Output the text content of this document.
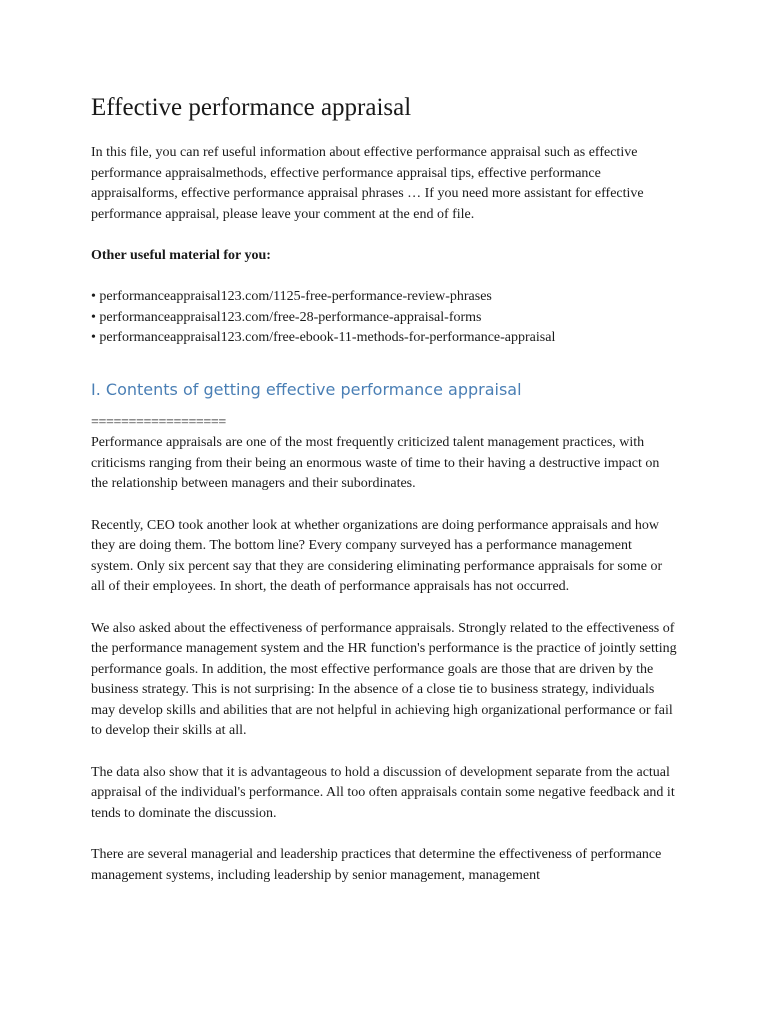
Effective performance appraisal

In this file, you can ref useful information about effective performance appraisal such as effective performance appraisalmethods, effective performance appraisal tips, effective performance appraisalforms, effective performance appraisal phrases … If you need more assistant for effective performance appraisal, please leave your comment at the end of file.

Other useful material for you:

• performanceappraisal123.com/1125-free-performance-review-phrases
• performanceappraisal123.com/free-28-performance-appraisal-forms
• performanceappraisal123.com/free-ebook-11-methods-for-performance-appraisal
I. Contents of getting effective performance appraisal

==================

Performance appraisals are one of the most frequently criticized talent management practices, with criticisms ranging from their being an enormous waste of time to their having a destructive impact on the relationship between managers and their subordinates.

Recently, CEO took another look at whether organizations are doing performance appraisals and how they are doing them. The bottom line? Every company surveyed has a performance management system. Only six percent say that they are considering eliminating performance appraisals for some or all of their employees. In short, the death of performance appraisals has not occurred.

We also asked about the effectiveness of performance appraisals. Strongly related to the effectiveness of the performance management system and the HR function's performance is the practice of jointly setting performance goals. In addition, the most effective performance goals are those that are driven by the business strategy. This is not surprising: In the absence of a close tie to business strategy, individuals may develop skills and abilities that are not helpful in achieving high organizational performance or fail to develop their skills at all.

The data also show that it is advantageous to hold a discussion of development separate from the actual appraisal of the individual's performance. All too often appraisals contain some negative feedback and it tends to dominate the discussion.

There are several managerial and leadership practices that determine the effectiveness of performance management systems, including leadership by senior management, management
